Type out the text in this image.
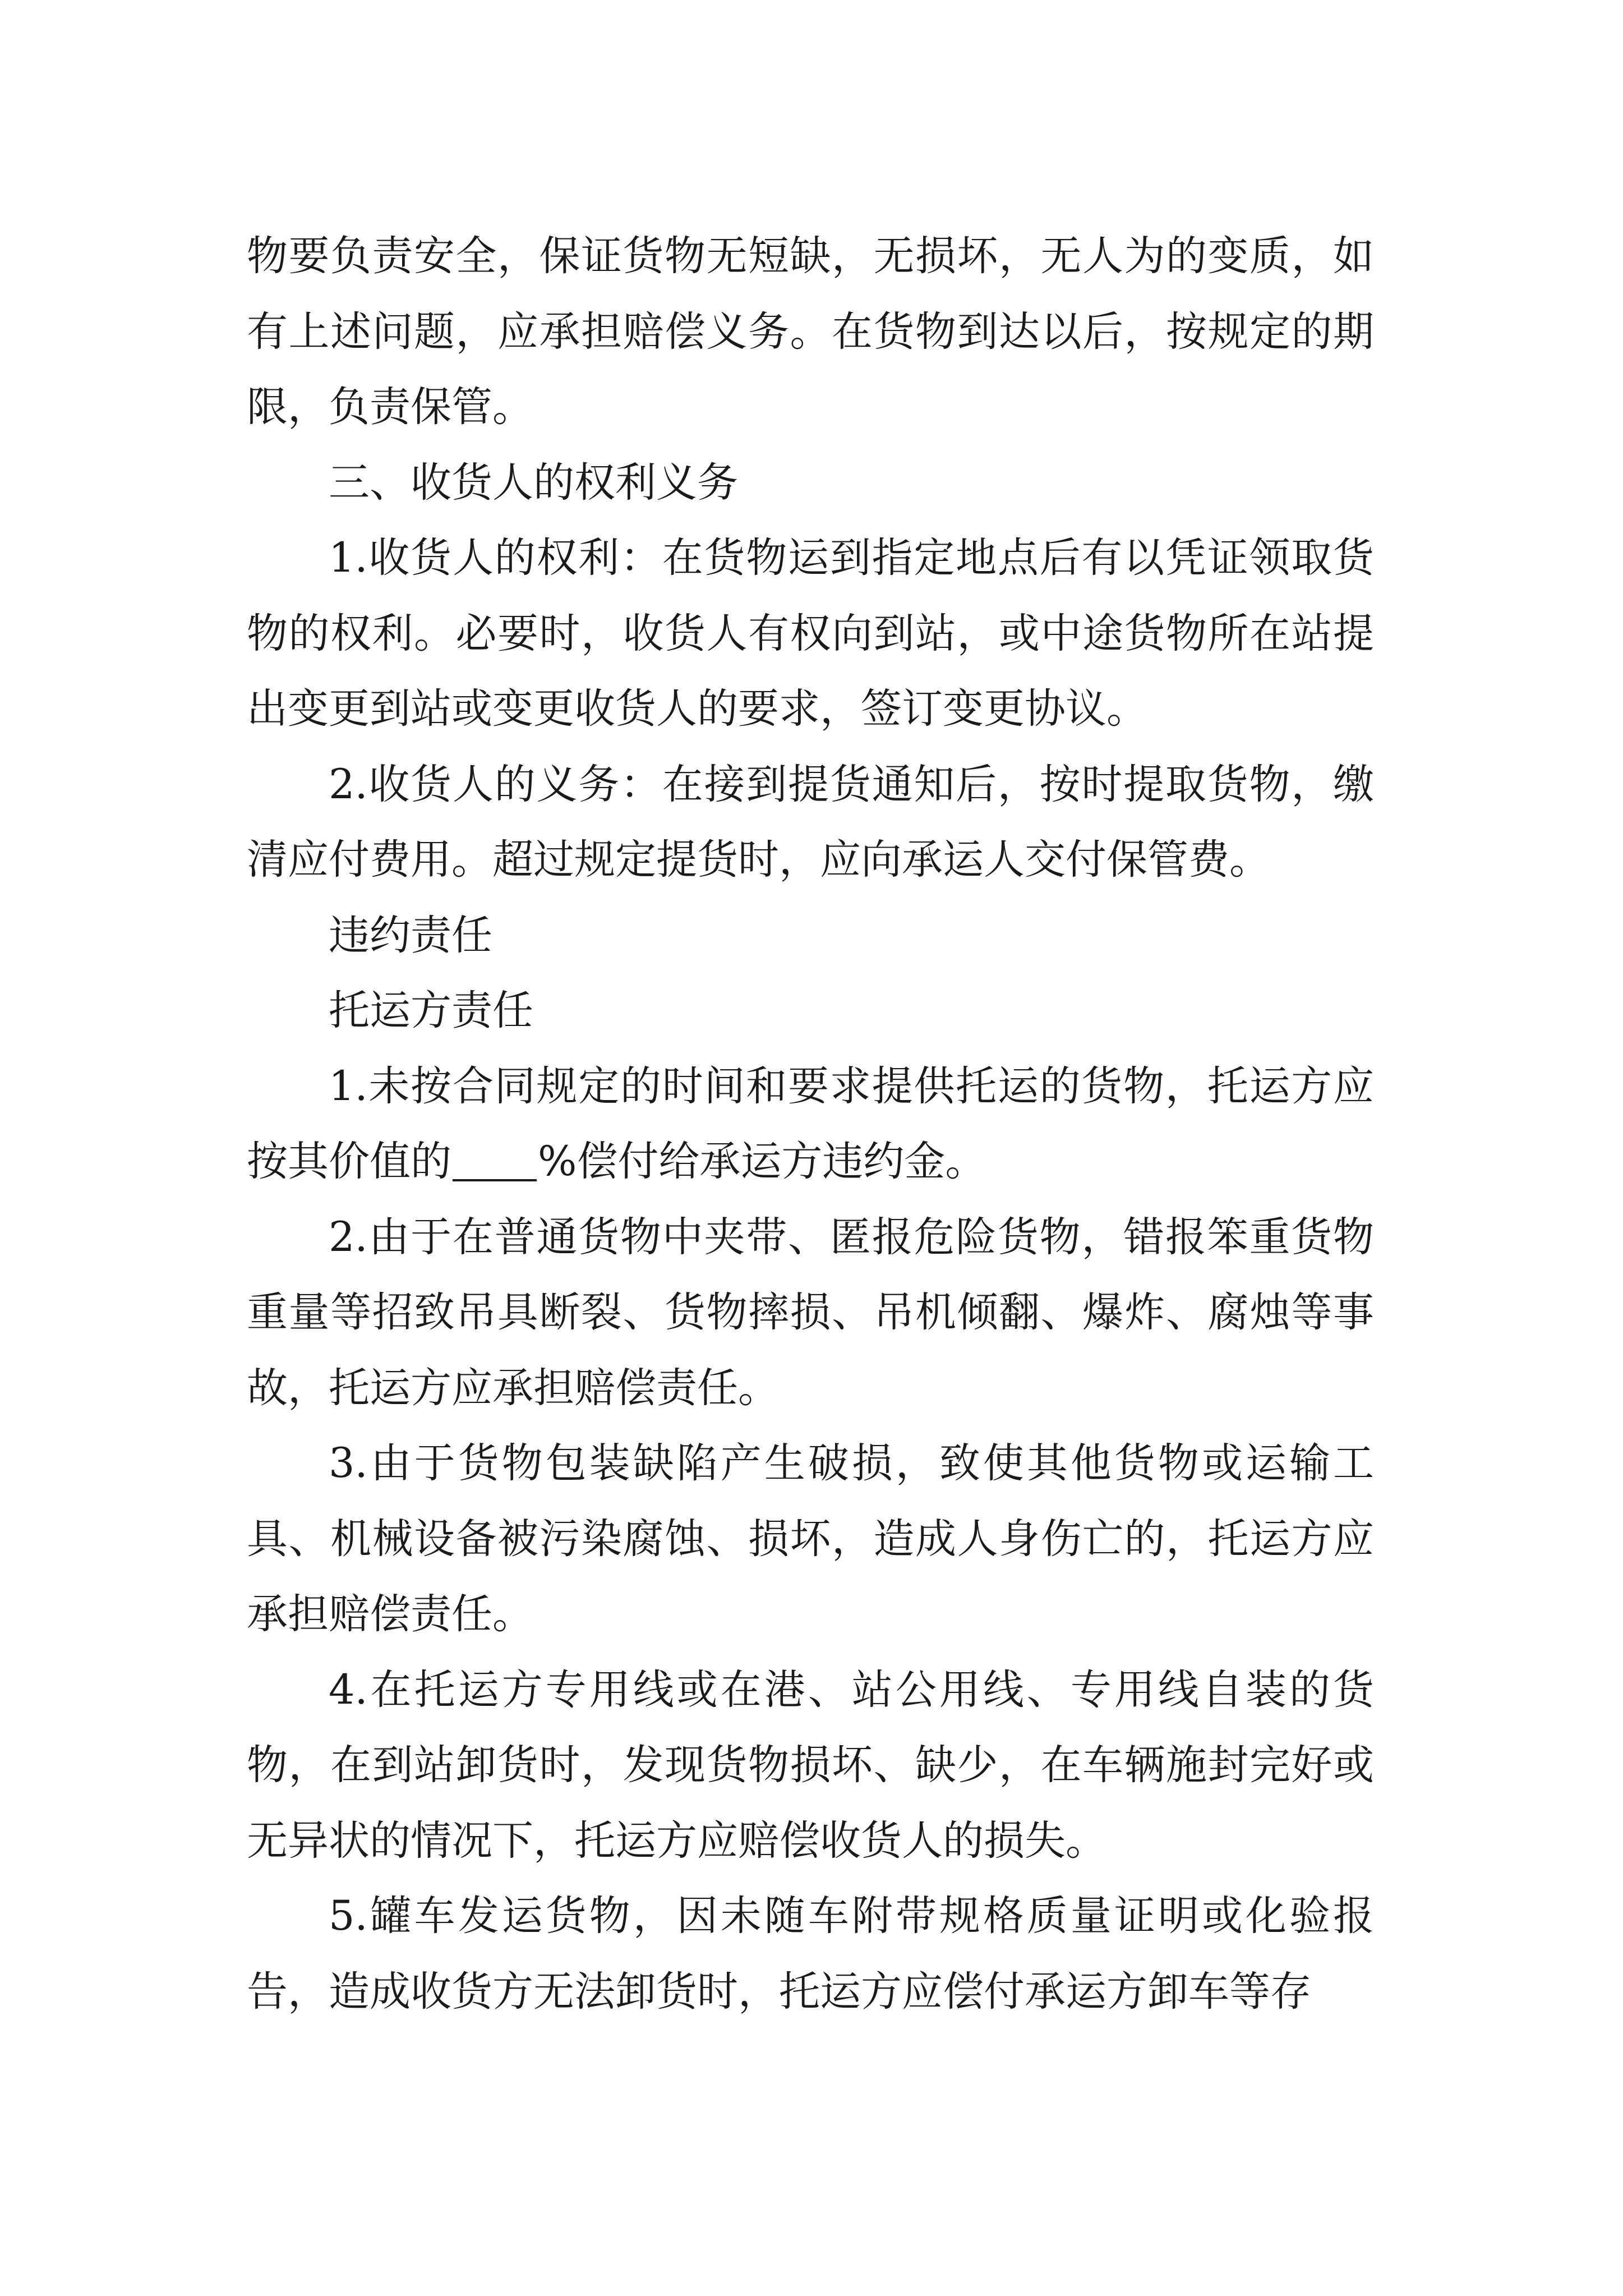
物要负责安全，保证货物无短缺，无损坏，无人为的变质，如有上述问题，应承担赔偿义务。在货物到达以后，按规定的期限，负责保管。

三、收货人的权利义务

1.收货人的权利：在货物运到指定地点后有以凭证领取货物的权利。必要时，收货人有权向到站，或中途货物所在站提出变更到站或变更收货人的要求，签订变更协议。

2.收货人的义务：在接到提货通知后，按时提取货物，缴清应付费用。超过规定提货时，应向承运人交付保管费。

违约责任

托运方责任

1.未按合同规定的时间和要求提供托运的货物，托运方应按其价值的 %偿付给承运方违约金。

2.由于在普通货物中夹带、匿报危险货物，错报笨重货物重量等招致吊具断裂、货物摔损、吊机倾翻、爆炸、腐烛等事故，托运方应承担赔偿责任。

3.由于货物包装缺陷产生破损，致使其他货物或运输工具、机械设备被污染腐蚀、损坏，造成人身伤亡的，托运方应承担赔偿责任。

4.在托运方专用线或在港、站公用线、专用线自装的货物，在到站卸货时，发现货物损坏、缺少，在车辆施封完好或无异状的情况下，托运方应赔偿收货人的损失。

5.罐车发运货物，因未随车附带规格质量证明或化验报告，造成收货方无法卸货时，托运方应偿付承运方卸车等存
